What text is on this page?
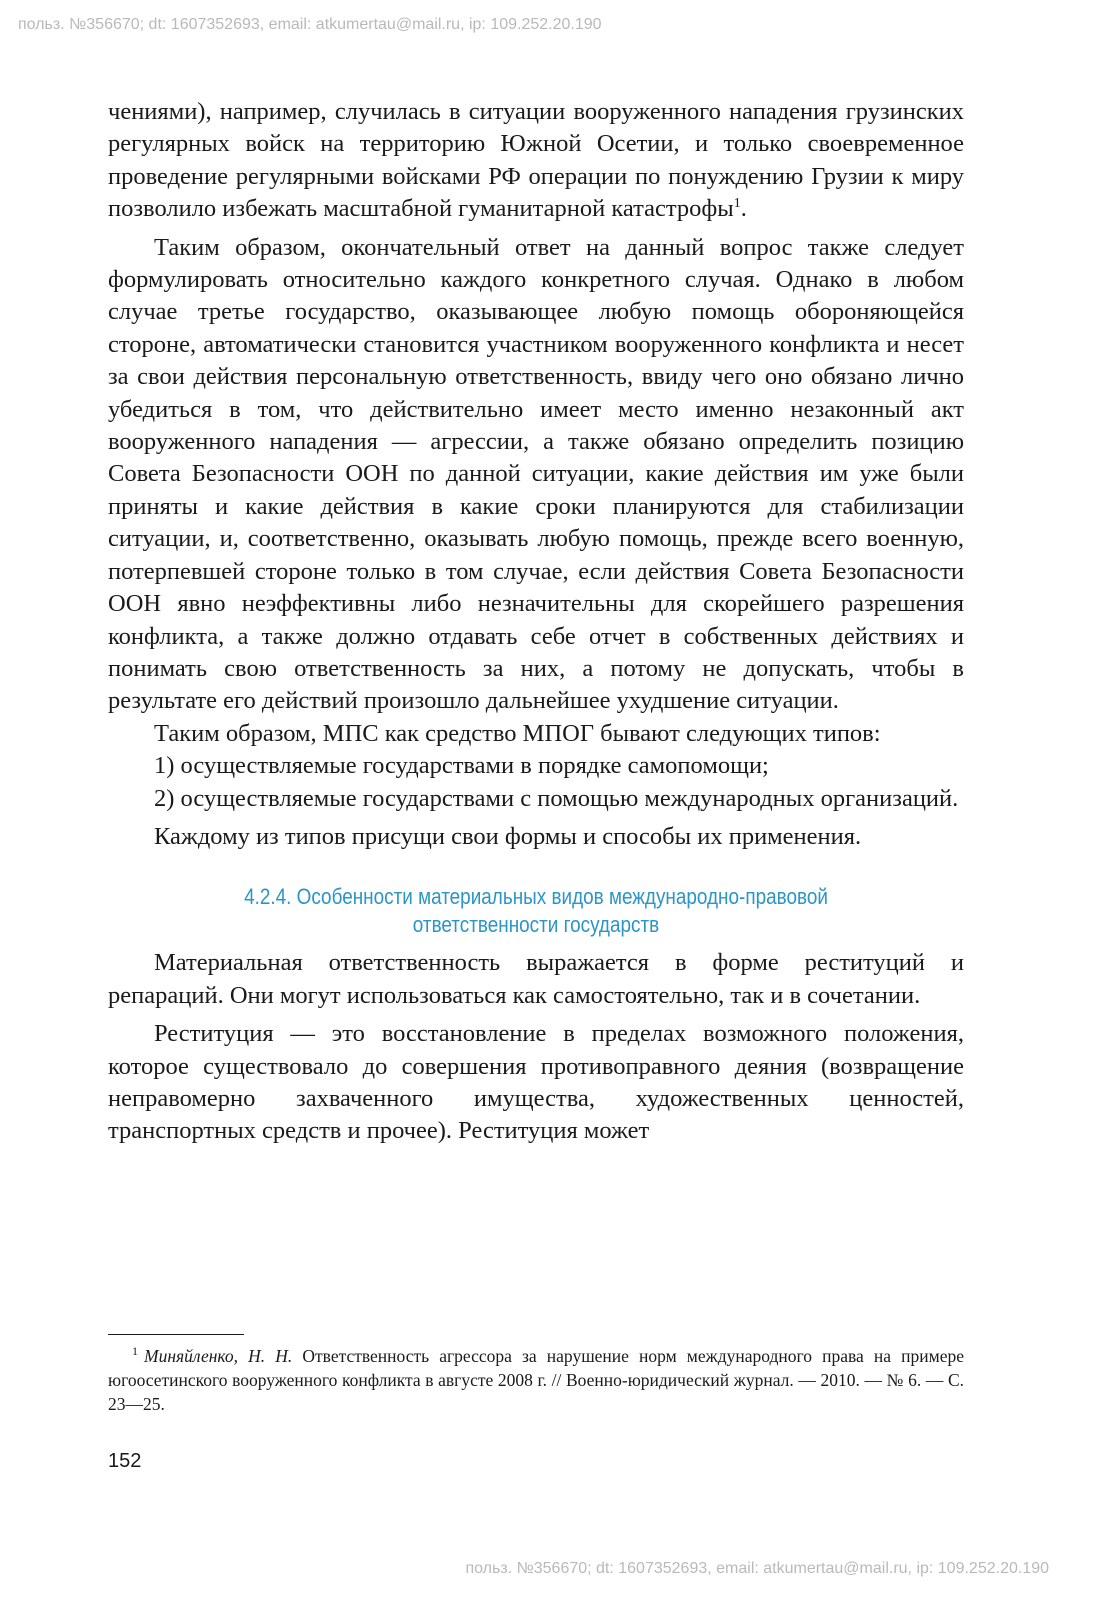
польз. №356670; dt: 1607352693, email: atkumertau@mail.ru, ip: 109.252.20.190

чениями), например, случилась в ситуации вооруженного нападения грузинских регулярных войск на территорию Южной Осетии, и только своевременное проведение регулярными войсками РФ операции по понуждению Грузии к миру позволило избежать масштабной гуманитарной катастрофы$^1$.

Таким образом, окончательный ответ на данный вопрос также следует формулировать относительно каждого конкретного случая. Однако в любом случае третье государство, оказывающее любую помощь обороняющейся стороне, автоматически становится участником вооруженного конфликта и несет за свои действия персональную ответственность, ввиду чего оно обязано лично убедиться в том, что действительно имеет место именно незаконный акт вооруженного нападения — агрессии, а также обязано определить позицию Совета Безопасности ООН по данной ситуации, какие действия им уже были приняты и какие действия в какие сроки планируются для стабилизации ситуации, и, соответственно, оказывать любую помощь, прежде всего военную, потерпевшей стороне только в том случае, если действия Совета Безопасности ООН явно неэффективны либо незначительны для скорейшего разрешения конфликта, а также должно отдавать себе отчет в собственных действиях и понимать свою ответственность за них, а потому не допускать, чтобы в результате его действий произошло дальнейшее ухудшение ситуации.

Таким образом, МПС как средство МПОГ бывают следующих типов:

1) осуществляемые государствами в порядке самопомощи;

2) осуществляемые государствами с помощью международных организаций.

Каждому из типов присущи свои формы и способы их применения.

4.2.4. Особенности материальных видов международно-правовой
ответственности государств

Материальная ответственность выражается в форме реституций и репараций. Они могут использоваться как самостоятельно, так и в сочетании.

Реституция — это восстановление в пределах возможного положения, которое существовало до совершения противоправного деяния (возвращение неправомерно захваченного имущества, художественных ценностей, транспортных средств и прочее). Реституция может

$^1$ Миняйленко, Н. Н. Ответственность агрессора за нарушение норм международного права на примере югоосетинского вооруженного конфликта в августе 2008 г. // Военно-юридический журнал. — 2010. — № 6. — С. 23—25.

152
польз. №356670; dt: 1607352693, email: atkumertau@mail.ru, ip: 109.252.20.190
